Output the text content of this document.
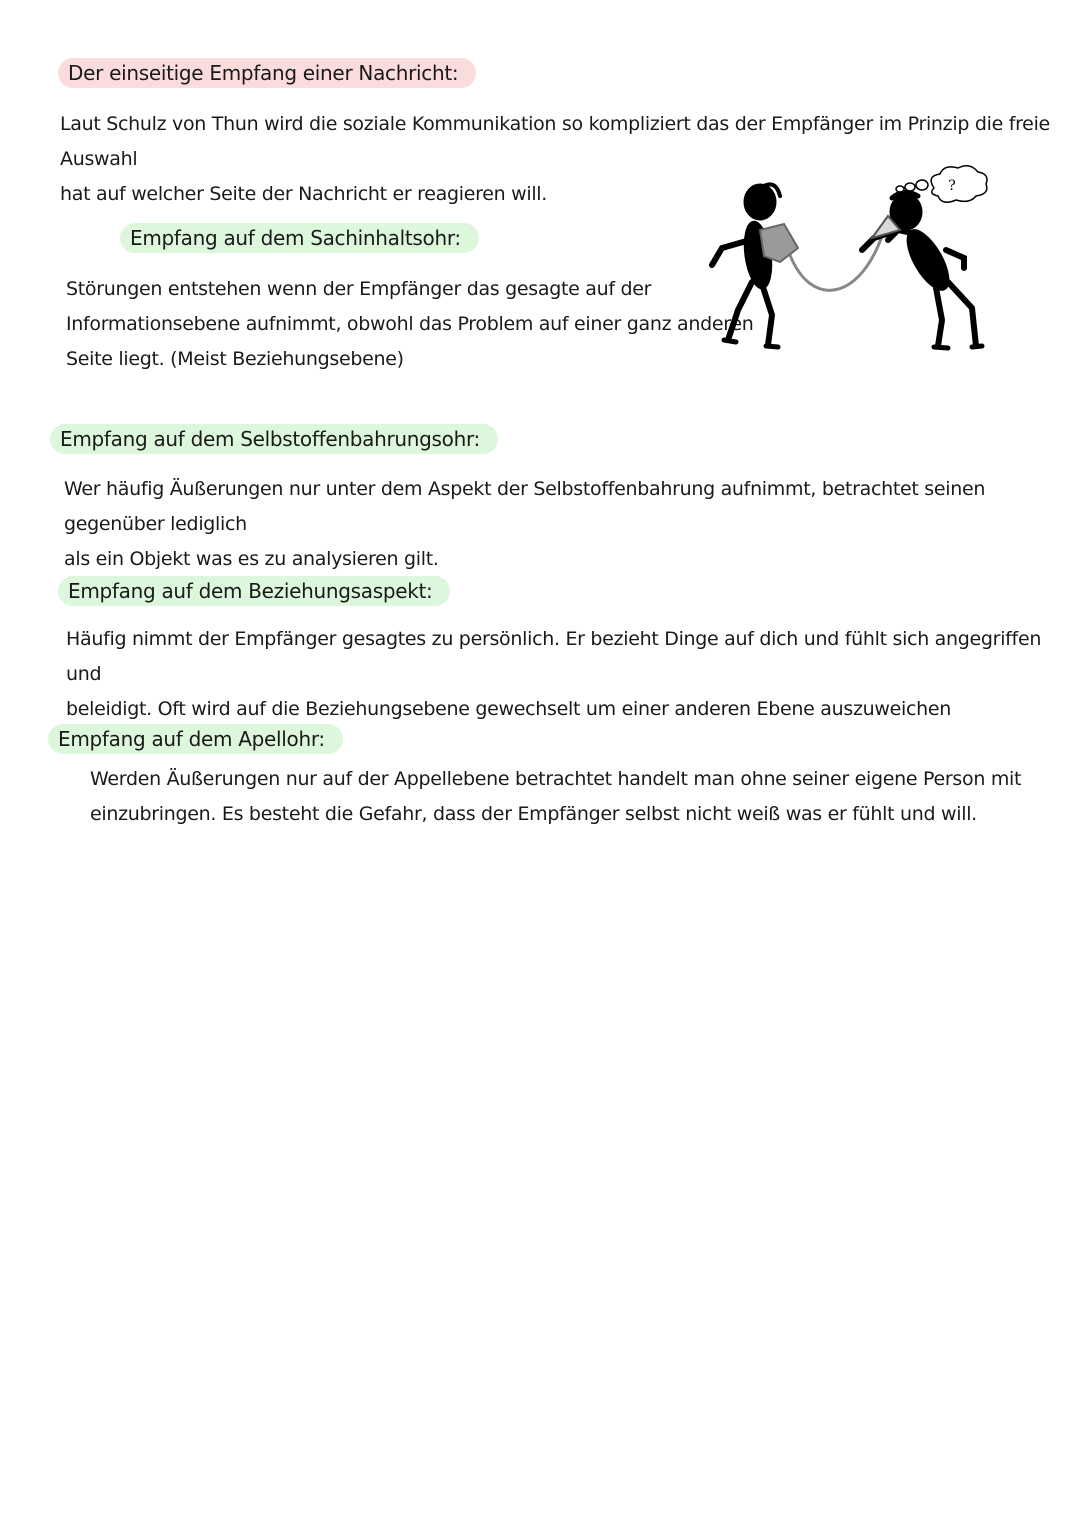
Der einseitige Empfang einer Nachricht:

Laut Schulz von Thun wird die soziale Kommunikation so kompliziert das der Empfänger im Prinzip die freie Auswahl

hat auf welcher Seite der Nachricht er reagieren will.

Empfang auf dem Sachinhaltsohr:

Störungen entstehen wenn der Empfänger das gesagte auf der

Informationsebene aufnimmt, obwohl das Problem auf einer ganz anderen

Seite liegt. (Meist Beziehungsebene)

?
Empfang auf dem Selbstoffenbahrungsohr:

Wer häufig Äußerungen nur unter dem Aspekt der Selbstoffenbahrung aufnimmt, betrachtet seinen gegenüber lediglich

als ein Objekt was es zu analysieren gilt.

Empfang auf dem Beziehungsaspekt:

Häufig nimmt der Empfänger gesagtes zu persönlich. Er bezieht Dinge auf dich und fühlt sich angegriffen und

beleidigt. Oft wird auf die Beziehungsebene gewechselt um einer anderen Ebene auszuweichen

Empfang auf dem Apellohr:

Werden Äußerungen nur auf der Appellebene betrachtet handelt man ohne seiner eigene Person mit

einzubringen. Es besteht die Gefahr, dass der Empfänger selbst nicht weiß was er fühlt und will.
